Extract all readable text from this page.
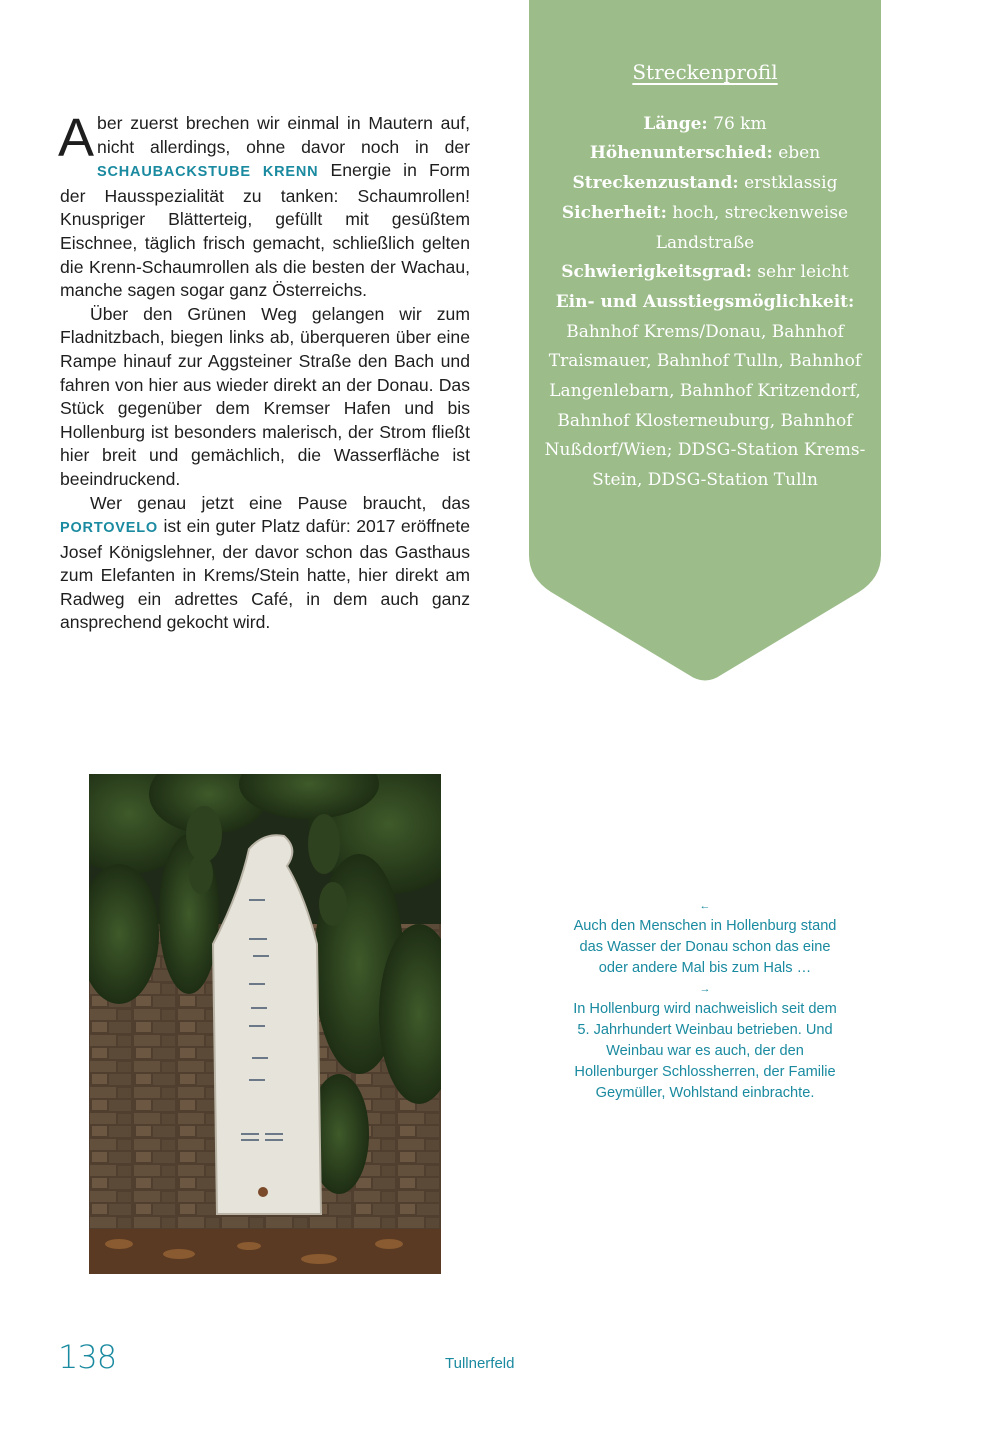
Aber zuerst brechen wir einmal in Mautern auf, nicht allerdings, ohne davor noch in der SCHAUBACKSTUBE KRENN Energie in Form der Hausspezialität zu tanken: Schaumrollen! Knuspriger Blätterteig, gefüllt mit gesüßtem Eischnee, täglich frisch gemacht, schließlich gelten die Krenn-Schaumrollen als die besten der Wachau, manche sagen sogar ganz Österreichs.

Über den Grünen Weg gelangen wir zum Fladnitzbach, biegen links ab, überqueren über eine Rampe hinauf zur Aggsteiner Straße den Bach und fahren von hier aus wieder direkt an der Donau. Das Stück gegenüber dem Kremser Hafen und bis Hollenburg ist besonders malerisch, der Strom fließt hier breit und gemächlich, die Wasserfläche ist beeindruckend.

Wer genau jetzt eine Pause braucht, das PORTOVELO ist ein guter Platz dafür: 2017 eröffnete Josef Königslehner, der davor schon das Gasthaus zum Elefanten in Krems/Stein hatte, hier direkt am Radweg ein adrettes Café, in dem auch ganz ansprechend gekocht wird.

Streckenprofil
Länge: 76 km
Höhenunterschied: eben
Streckenzustand: erstklassig
Sicherheit: hoch, streckenweise Landstraße
Schwierigkeitsgrad: sehr leicht
Ein- und Ausstiegsmöglichkeit: Bahnhof Krems/Donau, Bahnhof Traismauer, Bahnhof Tulln, Bahnhof Langenlebarn, Bahnhof Kritzendorf, Bahnhof Klosterneuburg, Bahnhof Nußdorf/Wien; DDSG-Station Krems-Stein, DDSG-Station Tulln
←
Auch den Menschen in Hollenburg stand das Wasser der Donau schon das eine oder andere Mal bis zum Hals …
→
In Hollenburg wird nachweislich seit dem 5. Jahrhundert Weinbau betrieben. Und Weinbau war es auch, der den Hollenburger Schlossherren, der Familie Geymüller, Wohlstand einbrachte.
138	Tullnerfeld
